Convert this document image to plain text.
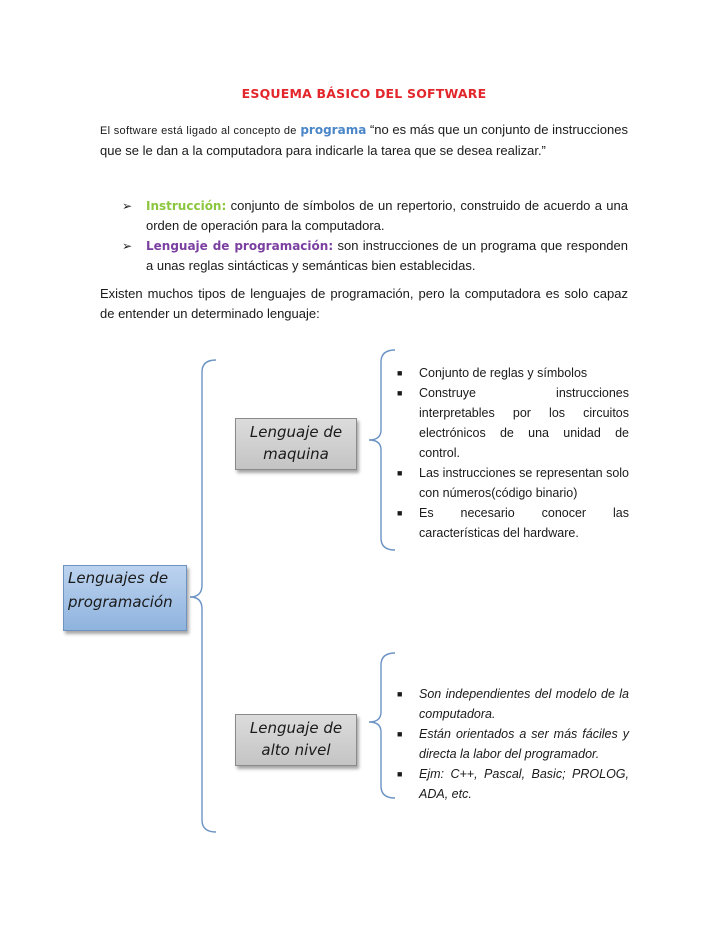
ESQUEMA BÁSICO DEL SOFTWARE
El software está ligado al concepto de programa “no es más que un conjunto de instrucciones que se le dan a la computadora para indicarle la tarea que se desea realizar.”
➢ Instrucción: conjunto de símbolos de un repertorio, construido de acuerdo a una orden de operación para la computadora.
➢ Lenguaje de programación: son instrucciones de un programa que responden a unas reglas sintácticas y semánticas bien establecidas.
Existen muchos tipos de lenguajes de programación, pero la computadora es solo capaz de entender un determinado lenguaje:
Lenguajes de programación
Lenguaje de maquina
Lenguaje de alto nivel
■ Conjunto de reglas y símbolos
■ Construye instrucciones interpretables por los circuitos electrónicos de una unidad de control.
■ Las instrucciones se representan solo con números(código binario)
■ Es necesario conocer las características del hardware.
■ Son independientes del modelo de la computadora.
■ Están orientados a ser más fáciles y directa la labor del programador.
■ Ejm: C++, Pascal, Basic; PROLOG, ADA, etc.
